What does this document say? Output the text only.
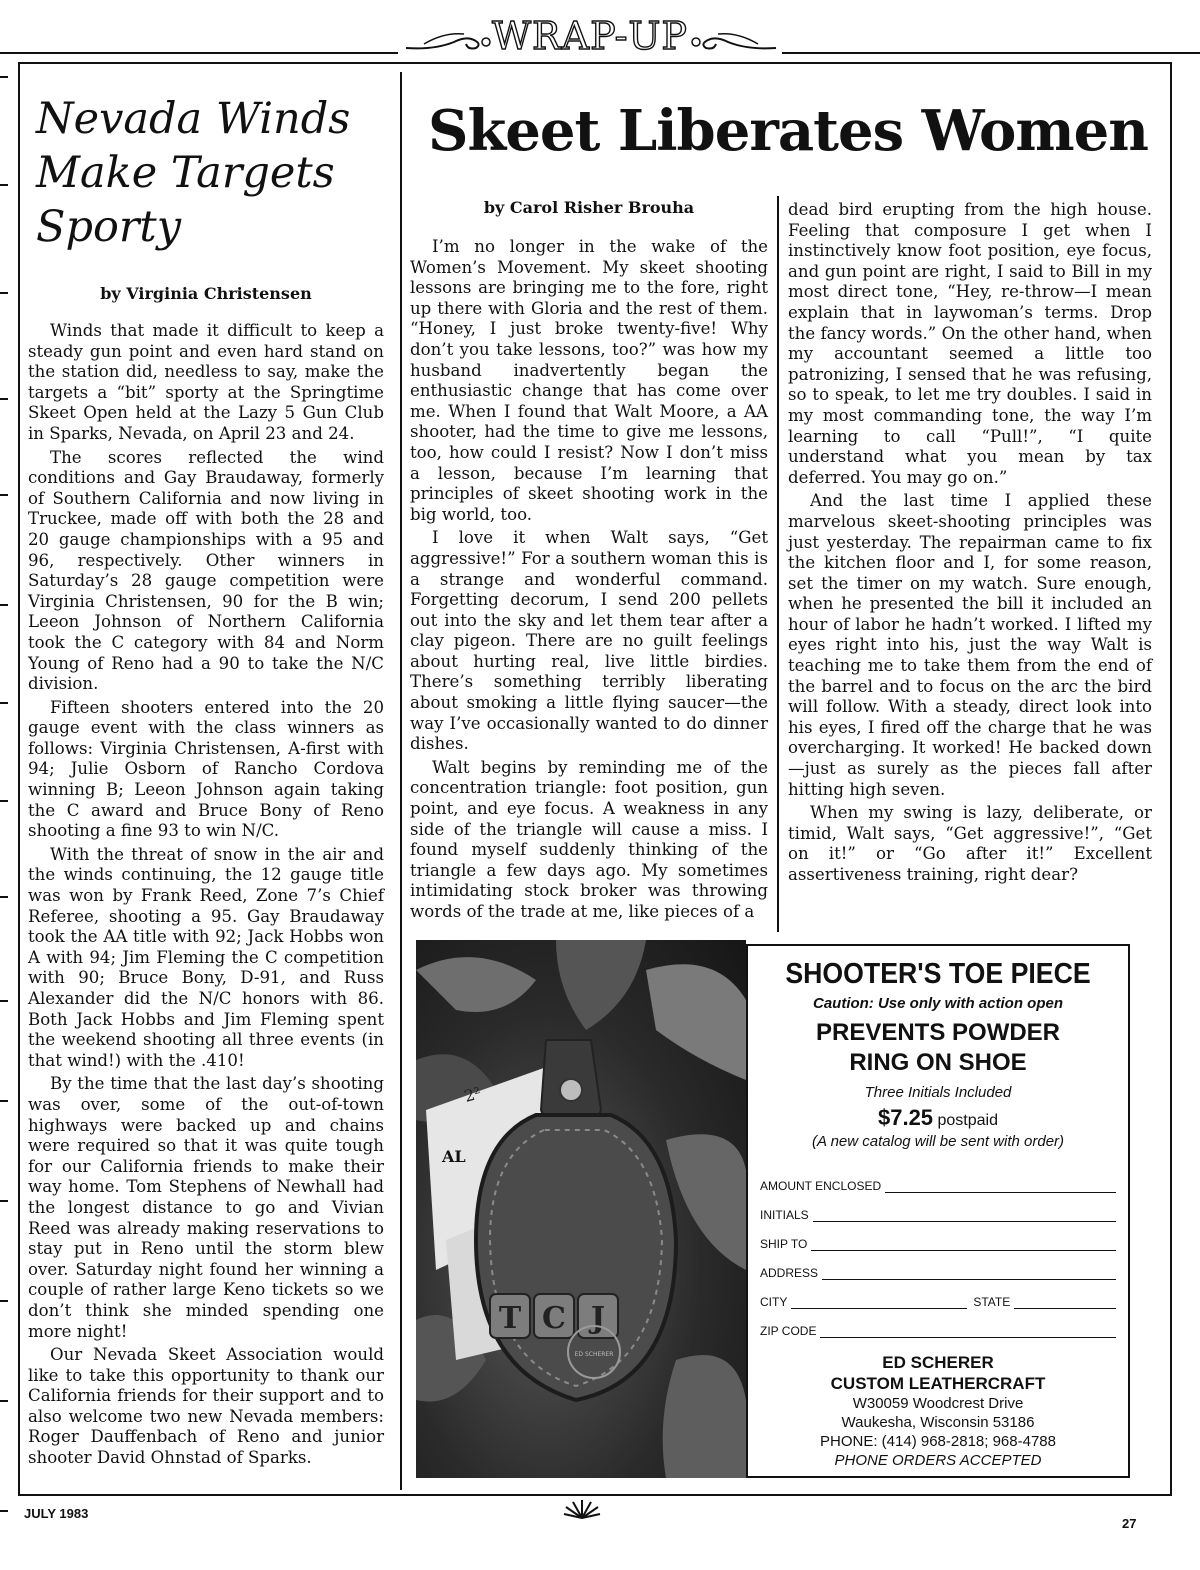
WRAP-UP
Nevada Winds
Make Targets
Sporty
by Virginia Christensen

Winds that made it difficult to keep a steady gun point and even hard stand on the station did, needless to say, make the targets a “bit” sporty at the Springtime Skeet Open held at the Lazy 5 Gun Club in Sparks, Nevada, on April 23 and 24.

The scores reflected the wind conditions and Gay Braudaway, formerly of Southern California and now living in Truckee, made off with both the 28 and 20 gauge championships with a 95 and 96, respectively. Other winners in Saturday’s 28 gauge competition were Virginia Christensen, 90 for the B win; Leeon Johnson of Northern California took the C category with 84 and Norm Young of Reno had a 90 to take the N/C division.

Fifteen shooters entered into the 20 gauge event with the class winners as follows: Virginia Christensen, A-first with 94; Julie Osborn of Rancho Cordova winning B; Leeon Johnson again taking the C award and Bruce Bony of Reno shooting a fine 93 to win N/C.

With the threat of snow in the air and the winds continuing, the 12 gauge title was won by Frank Reed, Zone 7’s Chief Referee, shooting a 95. Gay Braudaway took the AA title with 92; Jack Hobbs won A with 94; Jim Fleming the C competition with 90; Bruce Bony, D-91, and Russ Alexander did the N/C honors with 86. Both Jack Hobbs and Jim Fleming spent the weekend shooting all three events (in that wind!) with the .410!

By the time that the last day’s shooting was over, some of the out-of-town highways were backed up and chains were required so that it was quite tough for our California friends to make their way home. Tom Stephens of Newhall had the longest distance to go and Vivian Reed was already making reservations to stay put in Reno until the storm blew over. Saturday night found her winning a couple of rather large Keno tickets so we don’t think she minded spending one more night!

Our Nevada Skeet Association would like to take this opportunity to thank our California friends for their support and to also welcome two new Nevada members: Roger Dauffenbach of Reno and junior shooter David Ohnstad of Sparks.

Skeet Liberates Women
by Carol Risher Brouha

I’m no longer in the wake of the Women’s Movement. My skeet shooting lessons are bringing me to the fore, right up there with Gloria and the rest of them. “Honey, I just broke twenty-five! Why don’t you take lessons, too?” was how my husband inadvertently began the enthusiastic change that has come over me. When I found that Walt Moore, a AA shooter, had the time to give me lessons, too, how could I resist? Now I don’t miss a lesson, because I’m learning that principles of skeet shooting work in the big world, too.

I love it when Walt says, “Get aggressive!” For a southern woman this is a strange and wonderful command. Forgetting decorum, I send 200 pellets out into the sky and let them tear after a clay pigeon. There are no guilt feelings about hurting real, live little birdies. There’s something terribly liberating about smoking a little flying saucer—the way I’ve occasionally wanted to do dinner dishes.

Walt begins by reminding me of the concentration triangle: foot position, gun point, and eye focus. A weakness in any side of the triangle will cause a miss. I found myself suddenly thinking of the triangle a few days ago. My sometimes intimidating stock broker was throwing words of the trade at me, like pieces of a

dead bird erupting from the high house. Feeling that composure I get when I instinctively know foot position, eye focus, and gun point are right, I said to Bill in my most direct tone, “Hey, re-throw—I mean explain that in laywoman’s terms. Drop the fancy words.” On the other hand, when my accountant seemed a little too patronizing, I sensed that he was refusing, so to speak, to let me try doubles. I said in my most commanding tone, the way I’m learning to call “Pull!”, “I quite understand what you mean by tax deferred. You may go on.”

And the last time I applied these marvelous skeet-shooting principles was just yesterday. The repairman came to fix the kitchen floor and I, for some reason, set the timer on my watch. Sure enough, when he presented the bill it included an hour of labor he hadn’t worked. I lifted my eyes right into his, just the way Walt is teaching me to take them from the end of the barrel and to focus on the arc the bird will follow. With a steady, direct look into his eyes, I fired off the charge that he was overcharging. It worked! He backed down—just as surely as the pieces fall after hitting high seven.

When my swing is lazy, deliberate, or timid, Walt says, “Get aggressive!”, “Get on it!” or “Go after it!” Excellent assertiveness training, right dear?

AL
2²
T C J
ED SCHERER
SHOOTER'S TOE PIECE
Caution: Use only with action open
PREVENTS POWDER
RING ON SHOE
Three Initials Included
$7.25 postpaid
(A new catalog will be sent with order)
AMOUNT ENCLOSED
INITIALS
SHIP TO
ADDRESS
CITY	STATE
ZIP CODE
ED SCHERER
CUSTOM LEATHERCRAFT
W30059 Woodcrest Drive
Waukesha, Wisconsin 53186
PHONE: (414) 968-2818; 968-4788
PHONE ORDERS ACCEPTED
JULY 1983
27
